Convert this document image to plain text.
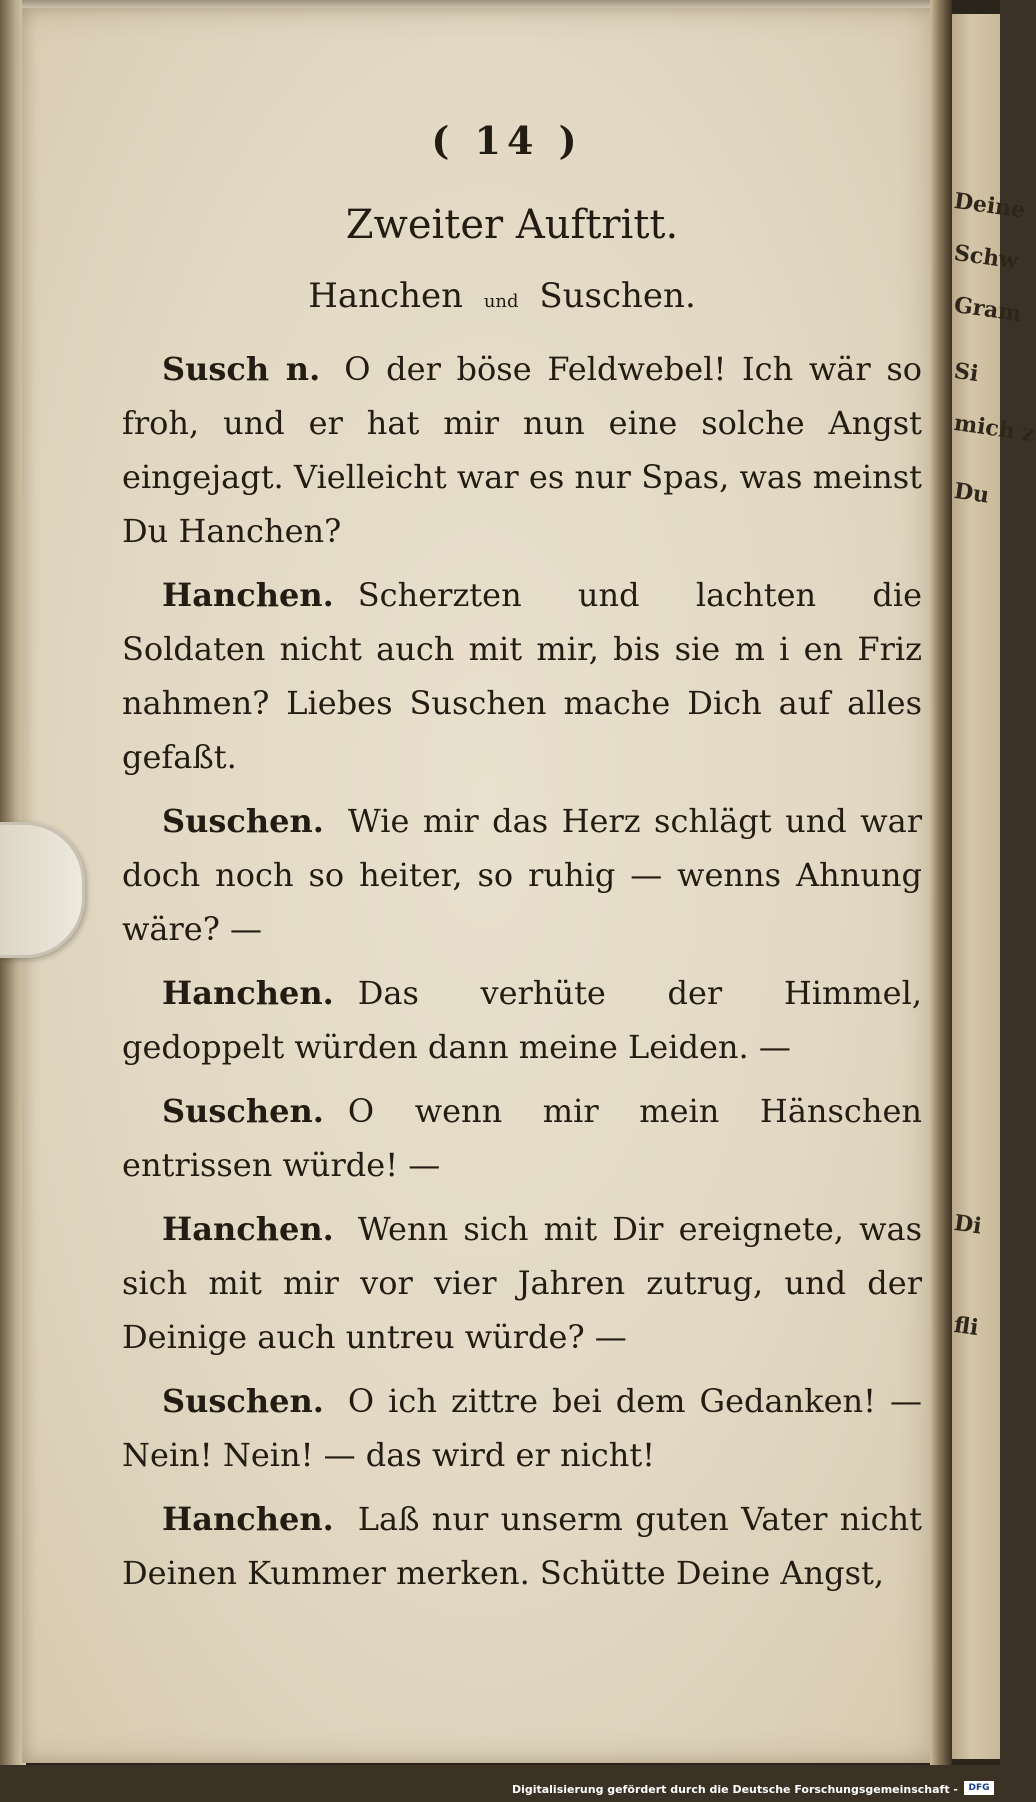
Deine
Schw
Gram
Si
mich z
Du
Di
fli
( 14 )
Zweiter Auftritt.
Hanchen und Suschen.
Susch n. O der böse Feldwebel! Ich wär so froh, und er hat mir nun eine solche Angst eingejagt. Vielleicht war es nur Spas, was meinst Du Hanchen?
Hanchen. Scherzten und lachten die Soldaten nicht auch mit mir, bis sie m i en Friz nahmen? Liebes Suschen mache Dich auf alles gefaßt.
Suschen. Wie mir das Herz schlägt und war doch noch so heiter, so ruhig — wenns Ahnung wäre? —
Hanchen. Das verhüte der Himmel, gedoppelt würden dann meine Leiden. —
Suschen. O wenn mir mein Hänschen entrissen würde! —
Hanchen. Wenn sich mit Dir ereignete, was sich mit mir vor vier Jahren zutrug, und der Deinige auch untreu würde? —
Suschen. O ich zittre bei dem Gedanken! — Nein! Nein! — das wird er nicht!
Hanchen. Laß nur unserm guten Vater nicht Deinen Kummer merken. Schütte Deine Angst,
Digitalisierung gefördert durch die Deutsche Forschungsgemeinschaft -	DFG
